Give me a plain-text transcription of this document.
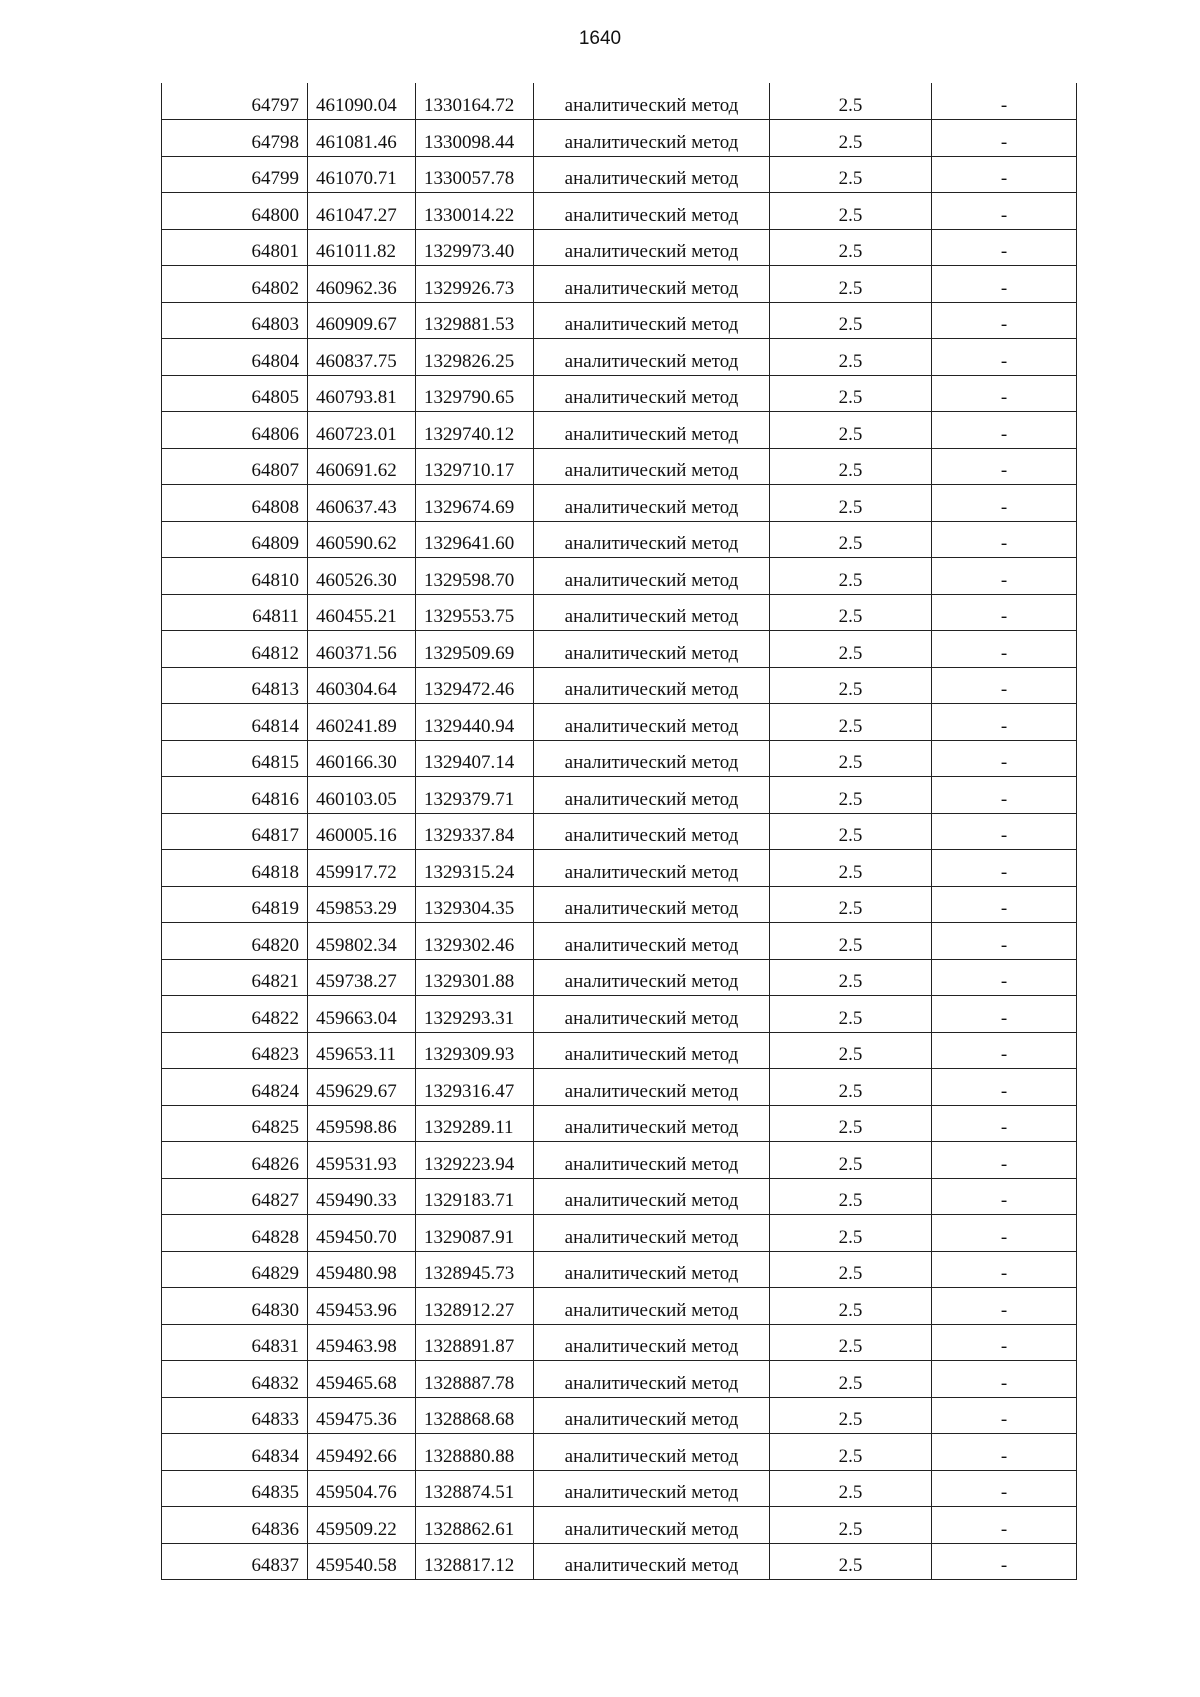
1640
64797	461090.04	1330164.72	аналитический метод	2.5	-
64798	461081.46	1330098.44	аналитический метод	2.5	-
64799	461070.71	1330057.78	аналитический метод	2.5	-
64800	461047.27	1330014.22	аналитический метод	2.5	-
64801	461011.82	1329973.40	аналитический метод	2.5	-
64802	460962.36	1329926.73	аналитический метод	2.5	-
64803	460909.67	1329881.53	аналитический метод	2.5	-
64804	460837.75	1329826.25	аналитический метод	2.5	-
64805	460793.81	1329790.65	аналитический метод	2.5	-
64806	460723.01	1329740.12	аналитический метод	2.5	-
64807	460691.62	1329710.17	аналитический метод	2.5	-
64808	460637.43	1329674.69	аналитический метод	2.5	-
64809	460590.62	1329641.60	аналитический метод	2.5	-
64810	460526.30	1329598.70	аналитический метод	2.5	-
64811	460455.21	1329553.75	аналитический метод	2.5	-
64812	460371.56	1329509.69	аналитический метод	2.5	-
64813	460304.64	1329472.46	аналитический метод	2.5	-
64814	460241.89	1329440.94	аналитический метод	2.5	-
64815	460166.30	1329407.14	аналитический метод	2.5	-
64816	460103.05	1329379.71	аналитический метод	2.5	-
64817	460005.16	1329337.84	аналитический метод	2.5	-
64818	459917.72	1329315.24	аналитический метод	2.5	-
64819	459853.29	1329304.35	аналитический метод	2.5	-
64820	459802.34	1329302.46	аналитический метод	2.5	-
64821	459738.27	1329301.88	аналитический метод	2.5	-
64822	459663.04	1329293.31	аналитический метод	2.5	-
64823	459653.11	1329309.93	аналитический метод	2.5	-
64824	459629.67	1329316.47	аналитический метод	2.5	-
64825	459598.86	1329289.11	аналитический метод	2.5	-
64826	459531.93	1329223.94	аналитический метод	2.5	-
64827	459490.33	1329183.71	аналитический метод	2.5	-
64828	459450.70	1329087.91	аналитический метод	2.5	-
64829	459480.98	1328945.73	аналитический метод	2.5	-
64830	459453.96	1328912.27	аналитический метод	2.5	-
64831	459463.98	1328891.87	аналитический метод	2.5	-
64832	459465.68	1328887.78	аналитический метод	2.5	-
64833	459475.36	1328868.68	аналитический метод	2.5	-
64834	459492.66	1328880.88	аналитический метод	2.5	-
64835	459504.76	1328874.51	аналитический метод	2.5	-
64836	459509.22	1328862.61	аналитический метод	2.5	-
64837	459540.58	1328817.12	аналитический метод	2.5	-
